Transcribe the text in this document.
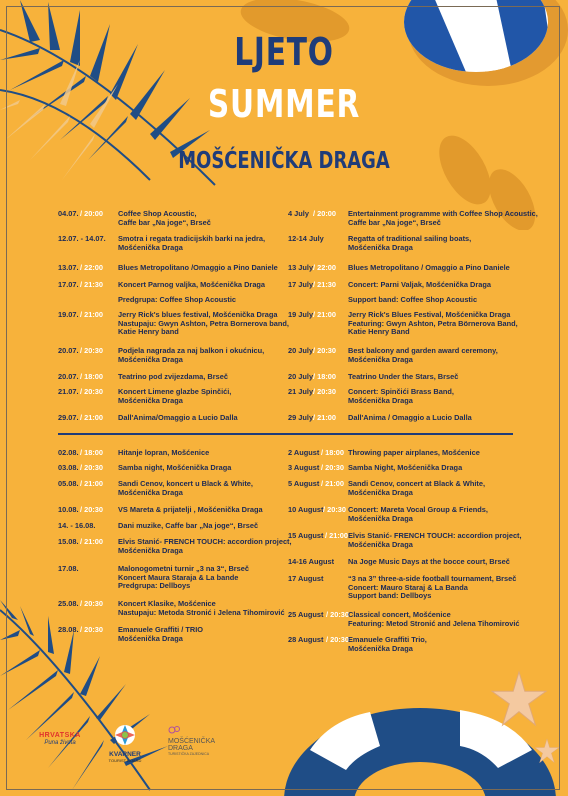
LJETO
SUMMER
MOŠĆENIČKA DRAGA
04.07. / 20:00 Coffee Shop Acoustic,
Caffe bar „Na joge“, Brseč
12.07. - 14.07. Smotra i regata tradicijskih barki na jedra,
Mošćenička Draga
13.07. / 22:00 Blues Metropolitano /Omaggio a Pino Daniele
17.07. / 21:30 Koncert Parnog valjka, Mošćenička Draga
Predgrupa: Coffee Shop Acoustic
19.07. / 21:00 Jerry Rick's blues festival, Mošćenička Draga
Nastupaju: Gwyn Ashton, Petra Bornerova band,
Katie Henry band
20.07. / 20:30 Podjela nagrada za naj balkon i okućnicu,
Mošćenička Draga
20.07. / 18:00 Teatrino pod zvijezdama, Brseč
21.07. / 20:30 Koncert Limene glazbe Spinčići,
Mošćenička Draga
29.07. / 21:00 Dall'Anima/Omaggio a Lucio Dalla
4 July / 20:00 Entertainment programme with Coffee Shop Acoustic,
Caffe bar „Na joge“, Brseč
12-14 July	Regatta of traditional sailing boats,
Mošćenička Draga
13 July / 22:00 Blues Metropolitano / Omaggio a Pino Daniele
17 July / 21:30 Concert: Parni Valjak, Mošćenička Draga
Support band: Coffee Shop Acoustic
19 July / 21:00 Jerry Rick's Blues Festival, Mošćenička Draga
Featuring: Gwyn Ashton, Petra Börnerova Band,
Katie Henry Band
20 July / 20:30 Best balcony and garden award ceremony,
Mošćenička Draga
20 July / 18:00 Teatrino Under the Stars, Brseč
21 July / 20:30 Concert: Spinčići Brass Band,
Mošćenička Draga
29 July / 21:00 Dall'Anima / Omaggio a Lucio Dalla
02.08. / 18:00 Hitanje lopran, Mošćenice
03.08. / 20:30 Samba night, Mošćenička Draga
05.08. / 21:00 Sandi Cenov, koncert u Black & White,
Mošćenička Draga
10.08. / 20:30 VS Mareta & prijatelji , Mošćenička Draga
14. - 16.08.	Dani muzike, Caffe bar „Na joge“, Brseč
15.08. / 21:00 Elvis Stanić- FRENCH TOUCH: accordion project,
Mošćenička Draga
17.08.	Malonogometni turnir „3 na 3“, Brseč
Koncert Maura Staraja & La bande
Predgrupa: Dellboys
25.08. / 20:30 Koncert Klasike, Mošćenice
Nastupaju: Metoda Stronić i Jelena Tihomirović
28.08. / 20:30 Emanuele Graffiti / TRIO
Mošćenička Draga
2 August / 18:00 Throwing paper airplanes, Mošćenice
3 August / 20:30 Samba Night, Mošćenička Draga
5 August / 21:00 Sandi Cenov, concert at Black & White,
Mošćenička Draga
10 August / 20:30 Concert: Mareta Vocal Group & Friends,
Mošćenička Draga
15 August / 21:00 Elvis Stanić- FRENCH TOUCH: accordion project,
Mošćenička Draga
14-16 August Na Joge Music Days at the bocce court, Brseč
17 August	“3 na 3” three-a-side football tournament, Brseč
Concert: Mauro Staraj & La Banda
Support band: Dellboys
25 August / 20:30
Classical concert, Mošćenice
Featuring: Metod Stronić and Jelena Tihomirović
28 August / 20:30
Emanuele Graffiti Trio,
Mošćenička Draga
HRVATSKA
Puna života
KVARNER
TOURIST BOARD
MOŠĆENIČKA
DRAGA
TURISTIČKA ZAJEDNICA
